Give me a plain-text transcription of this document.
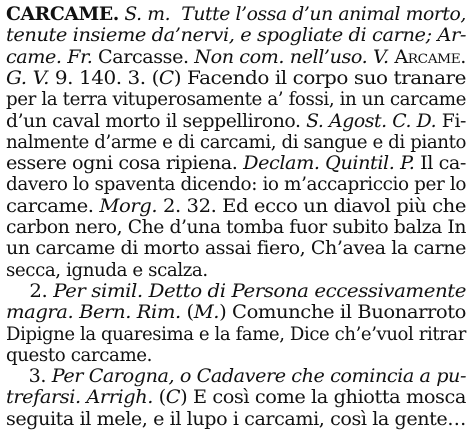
CARCAME. S. m. Tutte l’ossa d’un animal morto,
tenute insieme da’nervi, e spogliate di carne; Ar-
came. Fr. Carcasse. Non com. nell’uso. V. Arcame.
G. V. 9. 140. 3. (C) Facendo il corpo suo tranare
per la terra vituperosamente a’ fossi, in un carcame
d’un caval morto il seppellirono. S. Agost. C. D. Fi-
nalmente d’arme e di carcami, di sangue e di pianto
essere ogni cosa ripiena. Declam. Quintil. P. Il ca-
davero lo spaventa dicendo: io m’accapriccio per lo
carcame. Morg. 2. 32. Ed ecco un diavol più che
carbon nero, Che d’una tomba fuor subito balza In
un carcame di morto assai fiero, Ch’avea la carne
secca, ignuda e scalza.
2. Per simil. Detto di Persona eccessivamente
magra. Bern. Rim. (M.) Comunche il Buonarroto
Dipigne la quaresima e la fame, Dice ch’e’vuol ritrar
questo carcame.
3. Per Carogna, o Cadavere che comincia a pu-
trefarsi. Arrigh. (C) E così come la ghiotta mosca
seguita il mele, e il lupo i carcami, così la gente…
